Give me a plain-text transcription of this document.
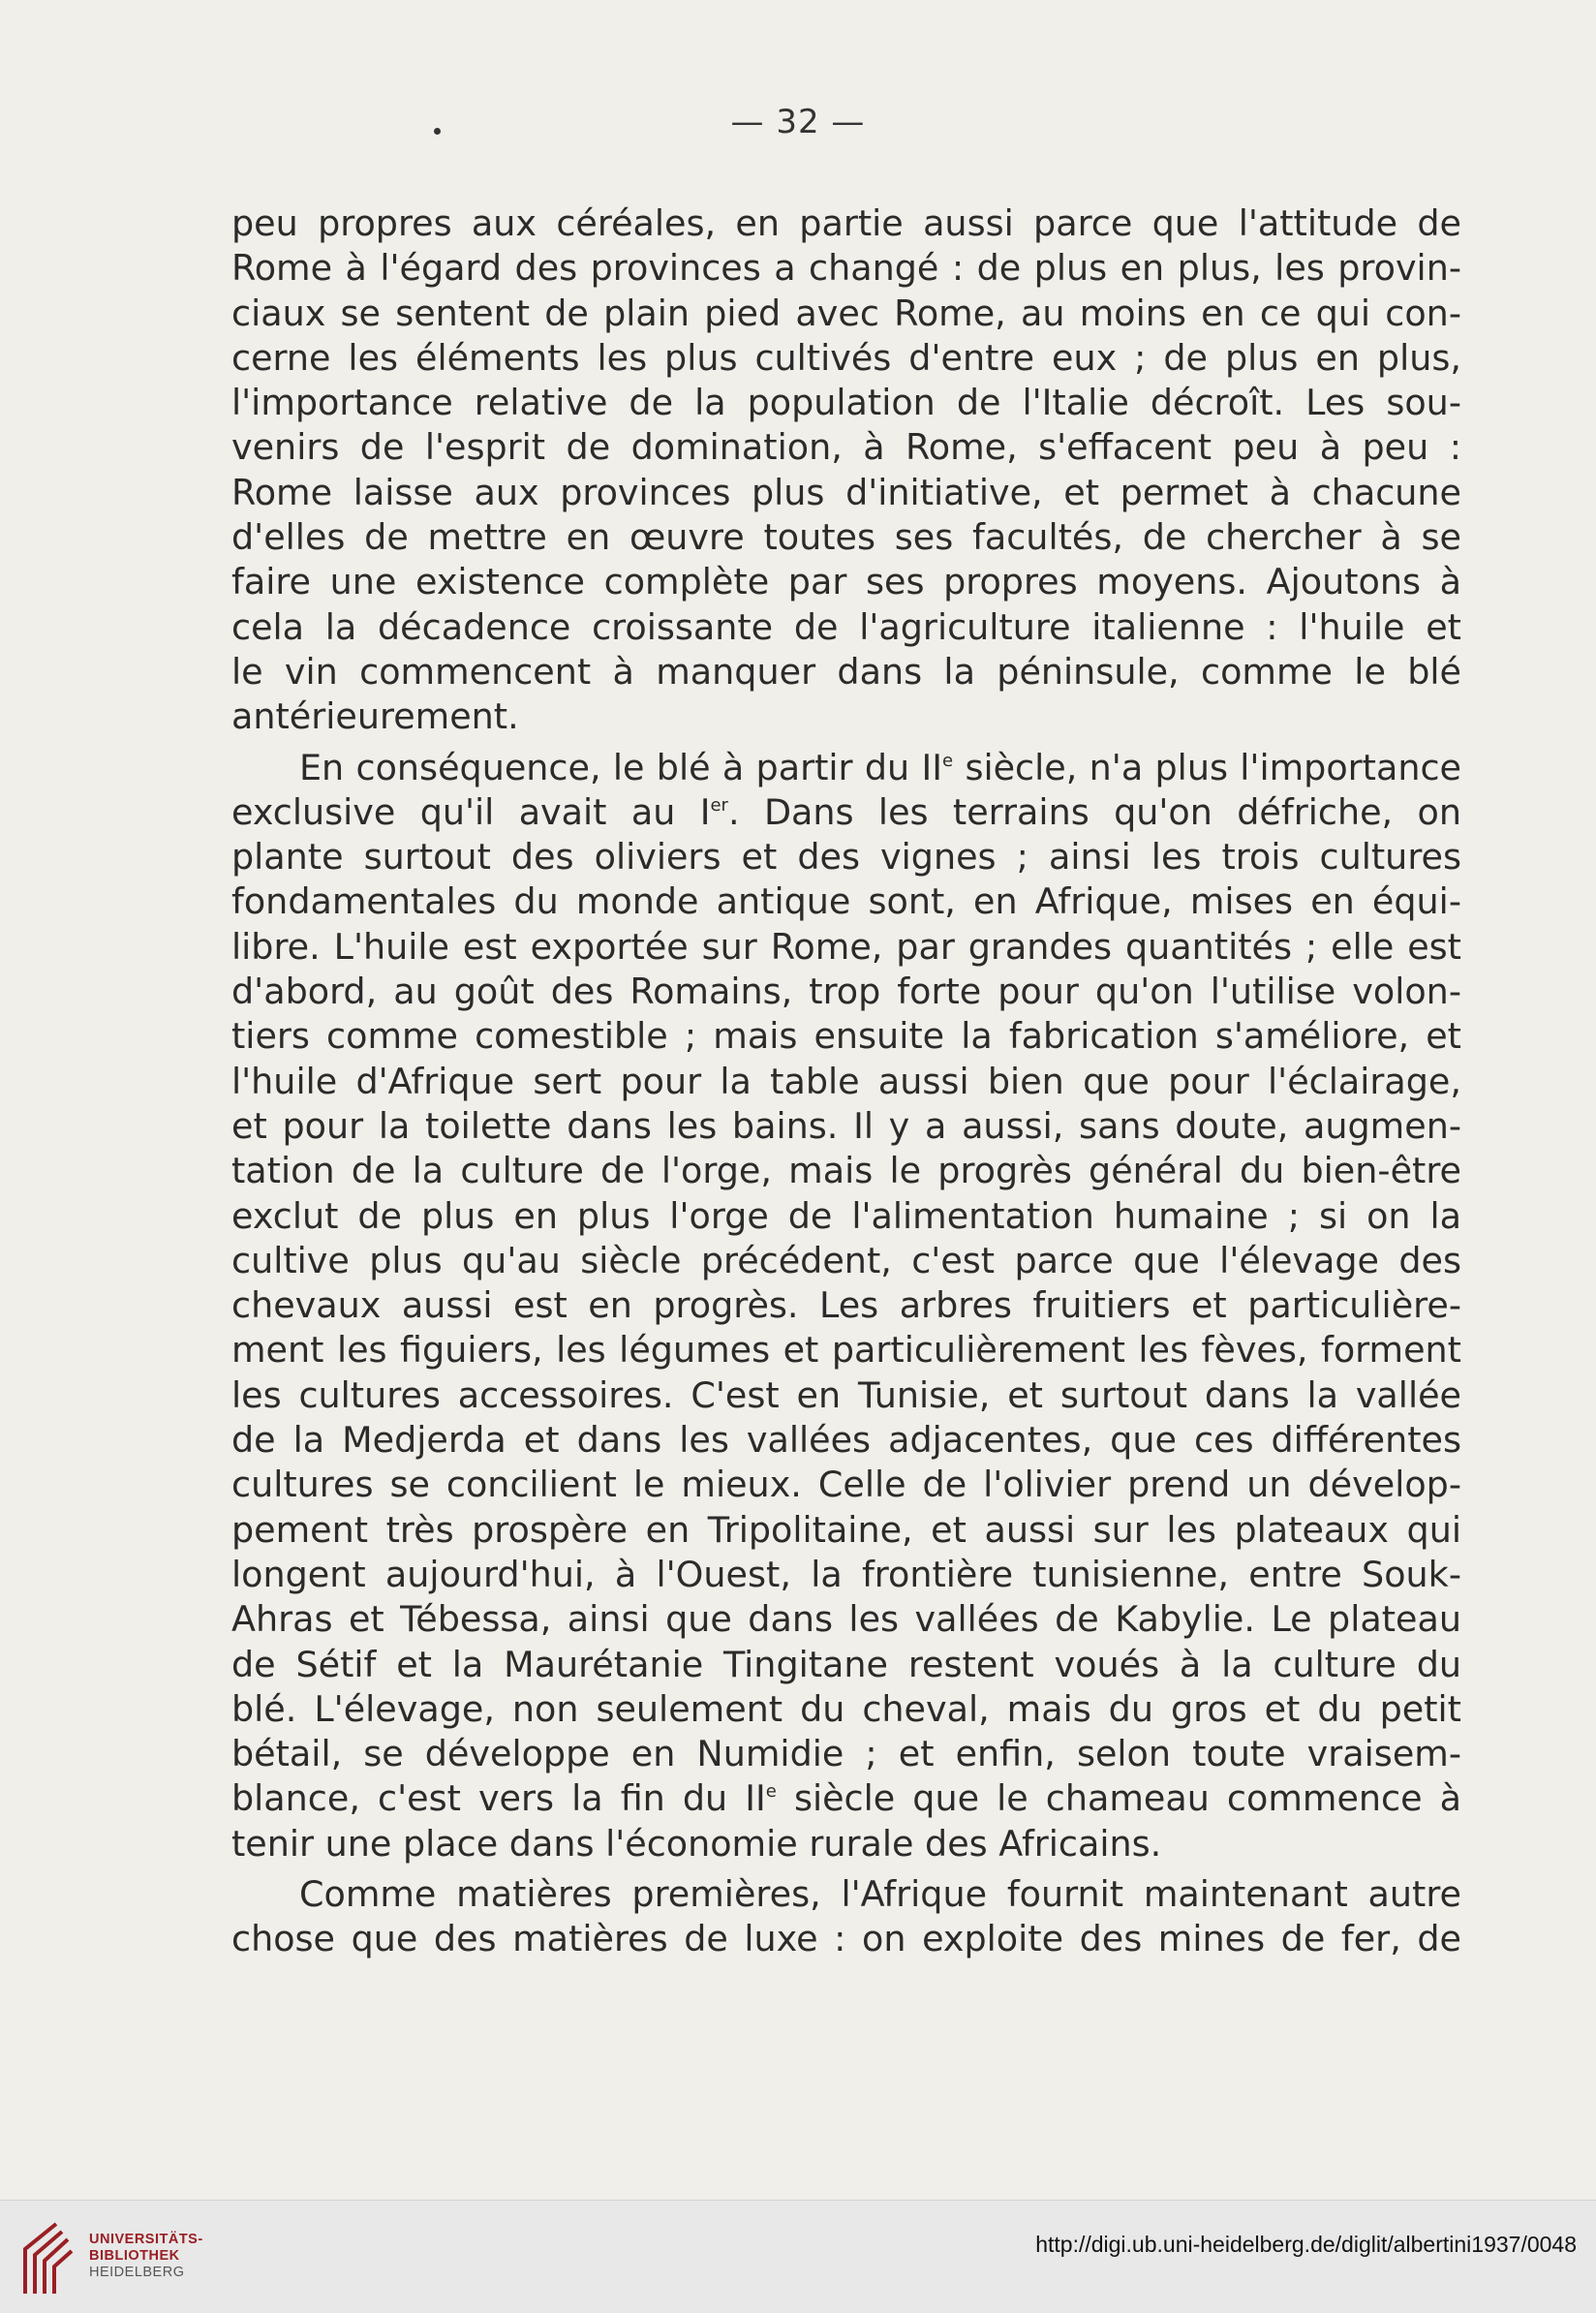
— 32 —
peu propres aux céréales, en partie aussi parce que l'attitude de
Rome à l'égard des provinces a changé : de plus en plus, les provin-
ciaux se sentent de plain pied avec Rome, au moins en ce qui con-
cerne les éléments les plus cultivés d'entre eux ; de plus en plus,
l'importance relative de la population de l'Italie décroît. Les sou-
venirs de l'esprit de domination, à Rome, s'effacent peu à peu :
Rome laisse aux provinces plus d'initiative, et permet à chacune
d'elles de mettre en œuvre toutes ses facultés, de chercher à se
faire une existence complète par ses propres moyens. Ajoutons à
cela la décadence croissante de l'agriculture italienne : l'huile et
le vin commencent à manquer dans la péninsule, comme le blé
antérieurement.
En conséquence, le blé à partir du IIe siècle, n'a plus l'importance
exclusive qu'il avait au Ier. Dans les terrains qu'on défriche, on
plante surtout des oliviers et des vignes ; ainsi les trois cultures
fondamentales du monde antique sont, en Afrique, mises en équi-
libre. L'huile est exportée sur Rome, par grandes quantités ; elle est
d'abord, au goût des Romains, trop forte pour qu'on l'utilise volon-
tiers comme comestible ; mais ensuite la fabrication s'améliore, et
l'huile d'Afrique sert pour la table aussi bien que pour l'éclairage,
et pour la toilette dans les bains. Il y a aussi, sans doute, augmen-
tation de la culture de l'orge, mais le progrès général du bien-être
exclut de plus en plus l'orge de l'alimentation humaine ; si on la
cultive plus qu'au siècle précédent, c'est parce que l'élevage des
chevaux aussi est en progrès. Les arbres fruitiers et particulière-
ment les figuiers, les légumes et particulièrement les fèves, forment
les cultures accessoires. C'est en Tunisie, et surtout dans la vallée
de la Medjerda et dans les vallées adjacentes, que ces différentes
cultures se concilient le mieux. Celle de l'olivier prend un dévelop-
pement très prospère en Tripolitaine, et aussi sur les plateaux qui
longent aujourd'hui, à l'Ouest, la frontière tunisienne, entre Souk-
Ahras et Tébessa, ainsi que dans les vallées de Kabylie. Le plateau
de Sétif et la Maurétanie Tingitane restent voués à la culture du
blé. L'élevage, non seulement du cheval, mais du gros et du petit
bétail, se développe en Numidie ; et enfin, selon toute vraisem-
blance, c'est vers la fin du IIe siècle que le chameau commence à
tenir une place dans l'économie rurale des Africains.
Comme matières premières, l'Afrique fournit maintenant autre
chose que des matières de luxe : on exploite des mines de fer, de
UNIVERSITÄTS-
BIBLIOTHEK
HEIDELBERG
http://digi.ub.uni-heidelberg.de/diglit/albertini1937/0048
